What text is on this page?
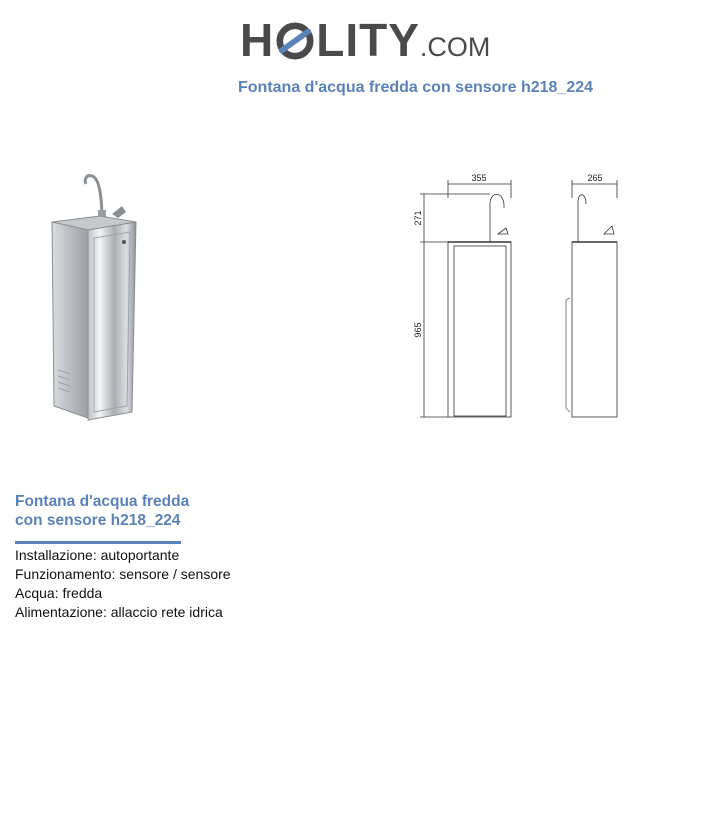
H LITY.COM
Fontana d'acqua fredda con sensore h218_224
355	265
271
965
Fontana d'acqua fredda
con sensore h218_224
Installazione: autoportante
Funzionamento: sensore / sensore
Acqua: fredda
Alimentazione: allaccio rete idrica
